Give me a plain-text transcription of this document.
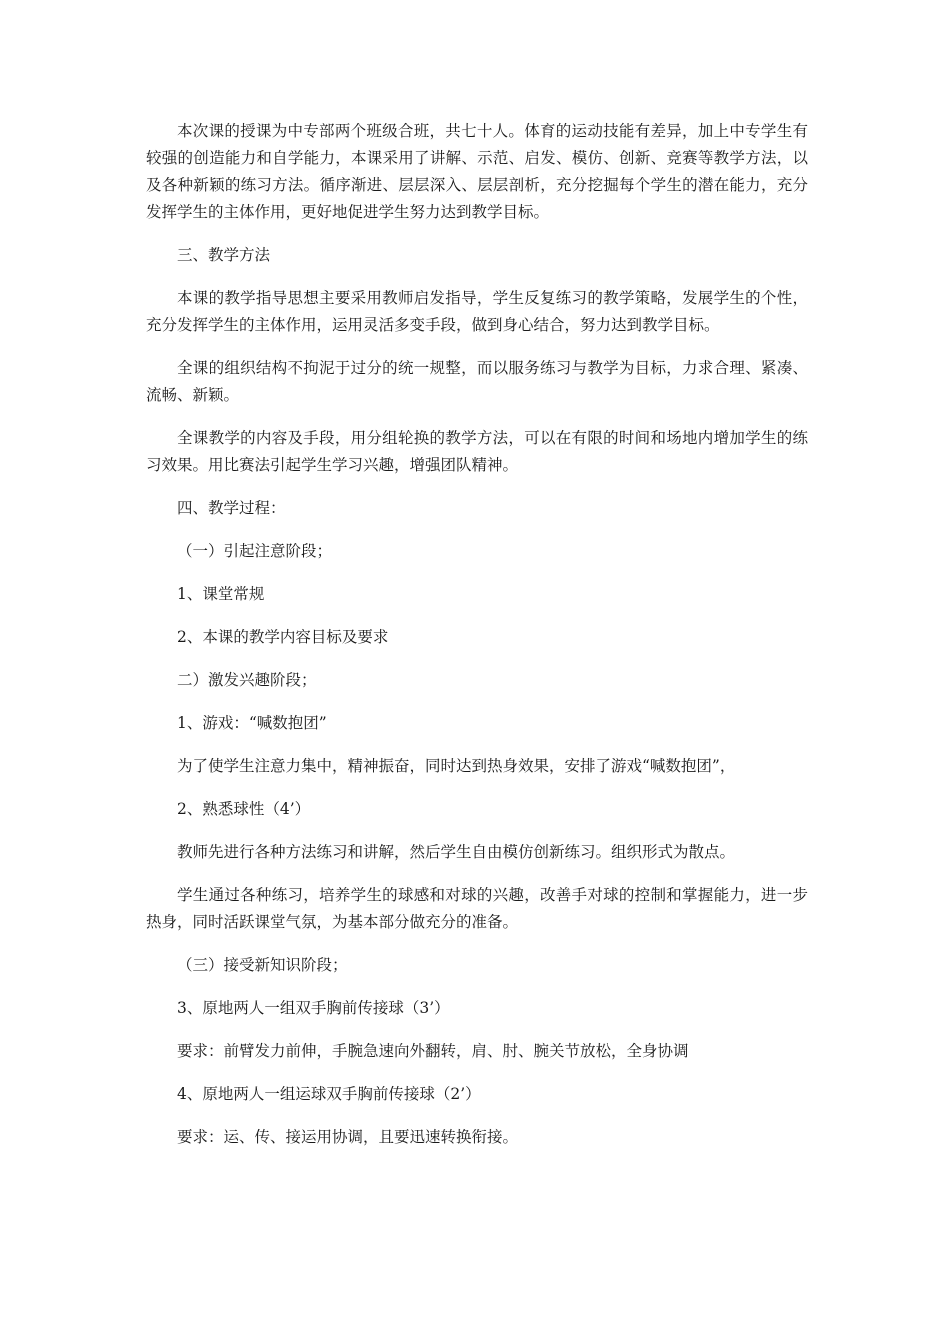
本次课的授课为中专部两个班级合班，共七十人。体育的运动技能有差异，加上中专学生有较强的创造能力和自学能力，本课采用了讲解、示范、启发、模仿、创新、竞赛等教学方法，以及各种新颖的练习方法。循序渐进、层层深入、层层剖析，充分挖掘每个学生的潜在能力，充分发挥学生的主体作用，更好地促进学生努力达到教学目标。

三、教学方法

本课的教学指导思想主要采用教师启发指导，学生反复练习的教学策略，发展学生的个性，充分发挥学生的主体作用，运用灵活多变手段，做到身心结合，努力达到教学目标。

全课的组织结构不拘泥于过分的统一规整，而以服务练习与教学为目标，力求合理、紧凑、流畅、新颖。

全课教学的内容及手段，用分组轮换的教学方法，可以在有限的时间和场地内增加学生的练习效果。用比赛法引起学生学习兴趣，增强团队精神。

四、教学过程：

（一）引起注意阶段；

1、课堂常规

2、本课的教学内容目标及要求

二）激发兴趣阶段；

1、游戏：“喊数抱团”

为了使学生注意力集中，精神振奋，同时达到热身效果，安排了游戏“喊数抱团”，

2、熟悉球性（4’）

教师先进行各种方法练习和讲解，然后学生自由模仿创新练习。组织形式为散点。

学生通过各种练习，培养学生的球感和对球的兴趣，改善手对球的控制和掌握能力，进一步热身，同时活跃课堂气氛，为基本部分做充分的准备。

（三）接受新知识阶段；

3、原地两人一组双手胸前传接球（3’）

要求：前臂发力前伸，手腕急速向外翻转，肩、肘、腕关节放松，全身协调

4、原地两人一组运球双手胸前传接球（2’）

要求：运、传、接运用协调，且要迅速转换衔接。
